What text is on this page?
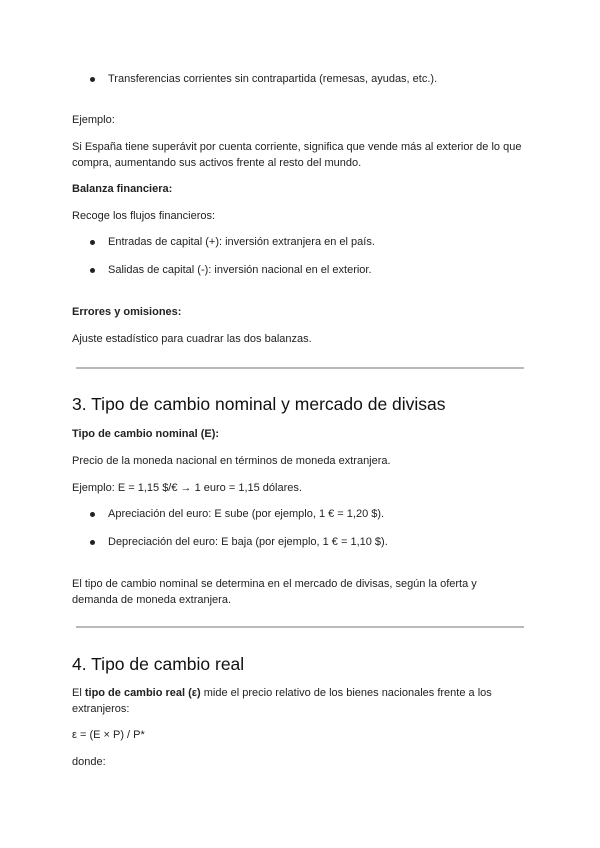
Transferencias corrientes sin contrapartida (remesas, ayudas, etc.).

Ejemplo:

Si España tiene superávit por cuenta corriente, significa que vende más al exterior de lo que

compra, aumentando sus activos frente al resto del mundo.

Balanza financiera:

Recoge los flujos financieros:

Entradas de capital (+): inversión extranjera en el país.
Salidas de capital (-): inversión nacional en el exterior.

Errores y omisiones:

Ajuste estadístico para cuadrar las dos balanzas.

3. Tipo de cambio nominal y mercado de divisas

Tipo de cambio nominal (E):

Precio de la moneda nacional en términos de moneda extranjera.

Ejemplo: E = 1,15 $/€ → 1 euro = 1,15 dólares.

Apreciación del euro: E sube (por ejemplo, 1 € = 1,20 $).
Depreciación del euro: E baja (por ejemplo, 1 € = 1,10 $).

El tipo de cambio nominal se determina en el mercado de divisas, según la oferta y

demanda de moneda extranjera.

4. Tipo de cambio real

El tipo de cambio real (ε) mide el precio relativo de los bienes nacionales frente a los

extranjeros:

ε = (E × P) / P*

donde:
